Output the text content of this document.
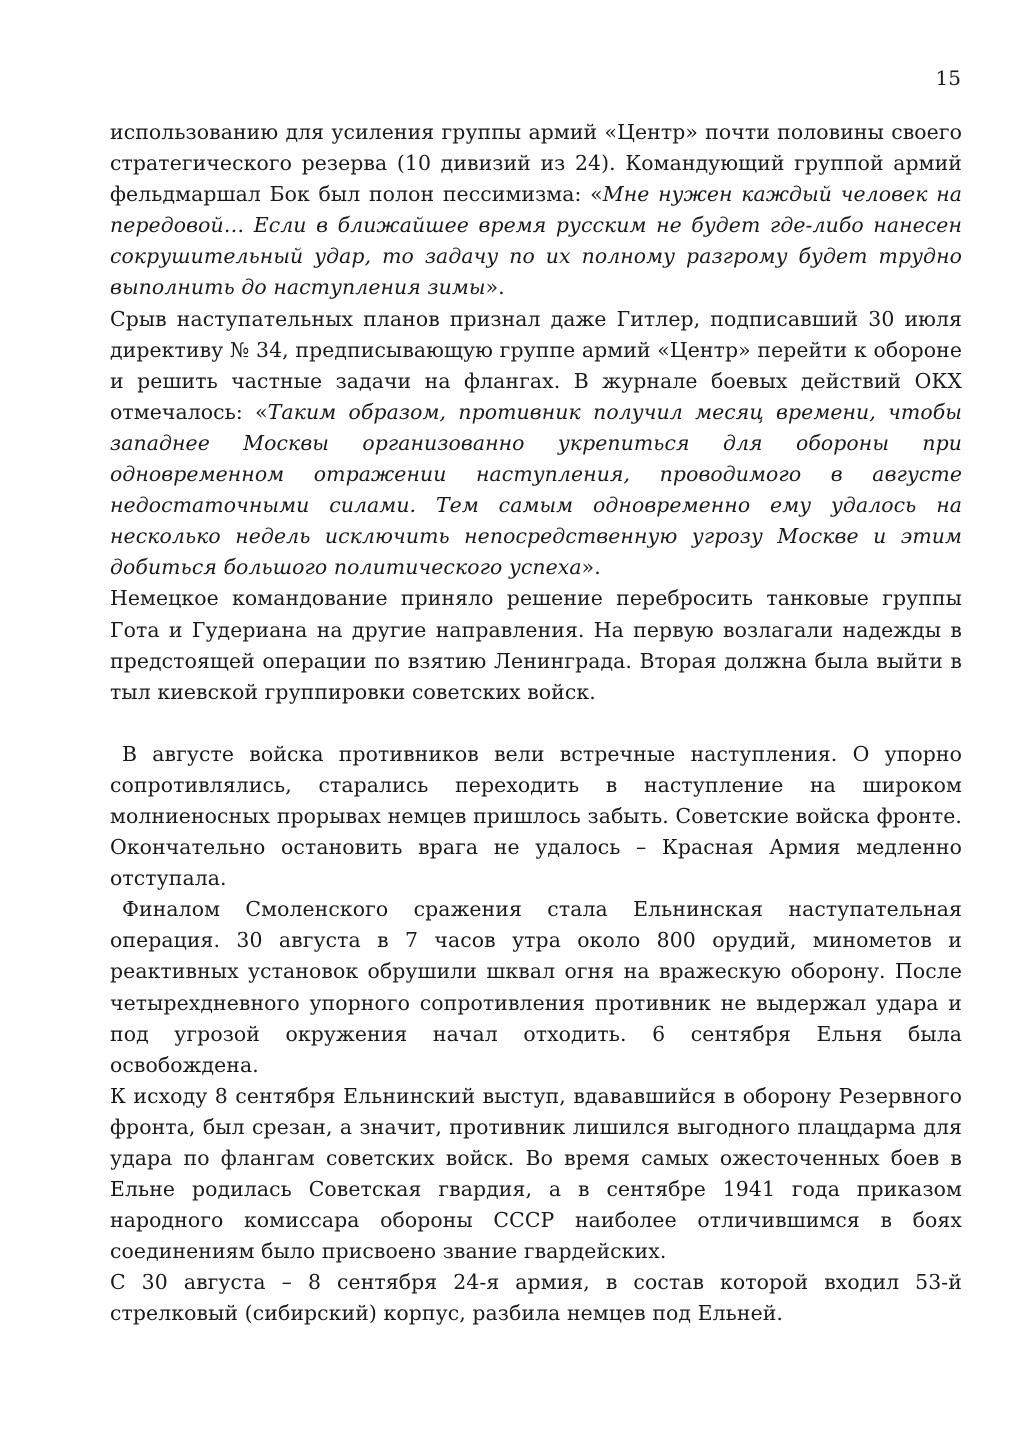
15

использованию для усиления группы армий «Центр» почти половины своего стратегического резерва (10 дивизий из 24). Командующий группой армий фельдмаршал Бок был полон пессимизма: «Мне нужен каждый человек на передовой… Если в ближайшее время русским не будет где-либо нанесен сокрушительный удар, то задачу по их полному разгрому будет трудно выполнить до наступления зимы».

Срыв наступательных планов признал даже Гитлер, подписавший 30 июля директиву № 34, предписывающую группе армий «Центр» перейти к обороне и решить частные задачи на флангах. В журнале боевых действий ОКХ отмечалось: «Таким образом, противник получил месяц времени, чтобы западнее Москвы организованно укрепиться для обороны при одновременном отражении наступления, проводимого в августе недостаточными силами. Тем самым одновременно ему удалось на несколько недель исключить непосредственную угрозу Москве и этим добиться большого политического успеха».

Немецкое командование приняло решение перебросить танковые группы Гота и Гудериана на другие направления. На первую возлагали надежды в предстоящей операции по взятию Ленинграда. Вторая должна была выйти в тыл киевской группировки советских войск.

В августе войска противников вели встречные наступления. О упорно сопротивлялись, старались переходить в наступление на широком молниеносных прорывах немцев пришлось забыть. Советские войска фронте. Окончательно остановить врага не удалось – Красная Армия медленно отступала.

Финалом Смоленского сражения стала Ельнинская наступательная операция. 30 августа в 7 часов утра около 800 орудий, минометов и реактивных установок обрушили шквал огня на вражескую оборону. После четырехдневного упорного сопротивления противник не выдержал удара и под угрозой окружения начал отходить. 6 сентября Ельня была освобождена.

К исходу 8 сентября Ельнинский выступ, вдававшийся в оборону Резервного фронта, был срезан, а значит, противник лишился выгодного плацдарма для удара по флангам советских войск. Во время самых ожесточенных боев в Ельне родилась Советская гвардия, а в сентябре 1941 года приказом народного комиссара обороны СССР наиболее отличившимся в боях соединениям было присвоено звание гвардейских.

С 30 августа – 8 сентября 24-я армия, в состав которой входил 53-й стрелковый (сибирский) корпус, разбила немцев под Ельней.
